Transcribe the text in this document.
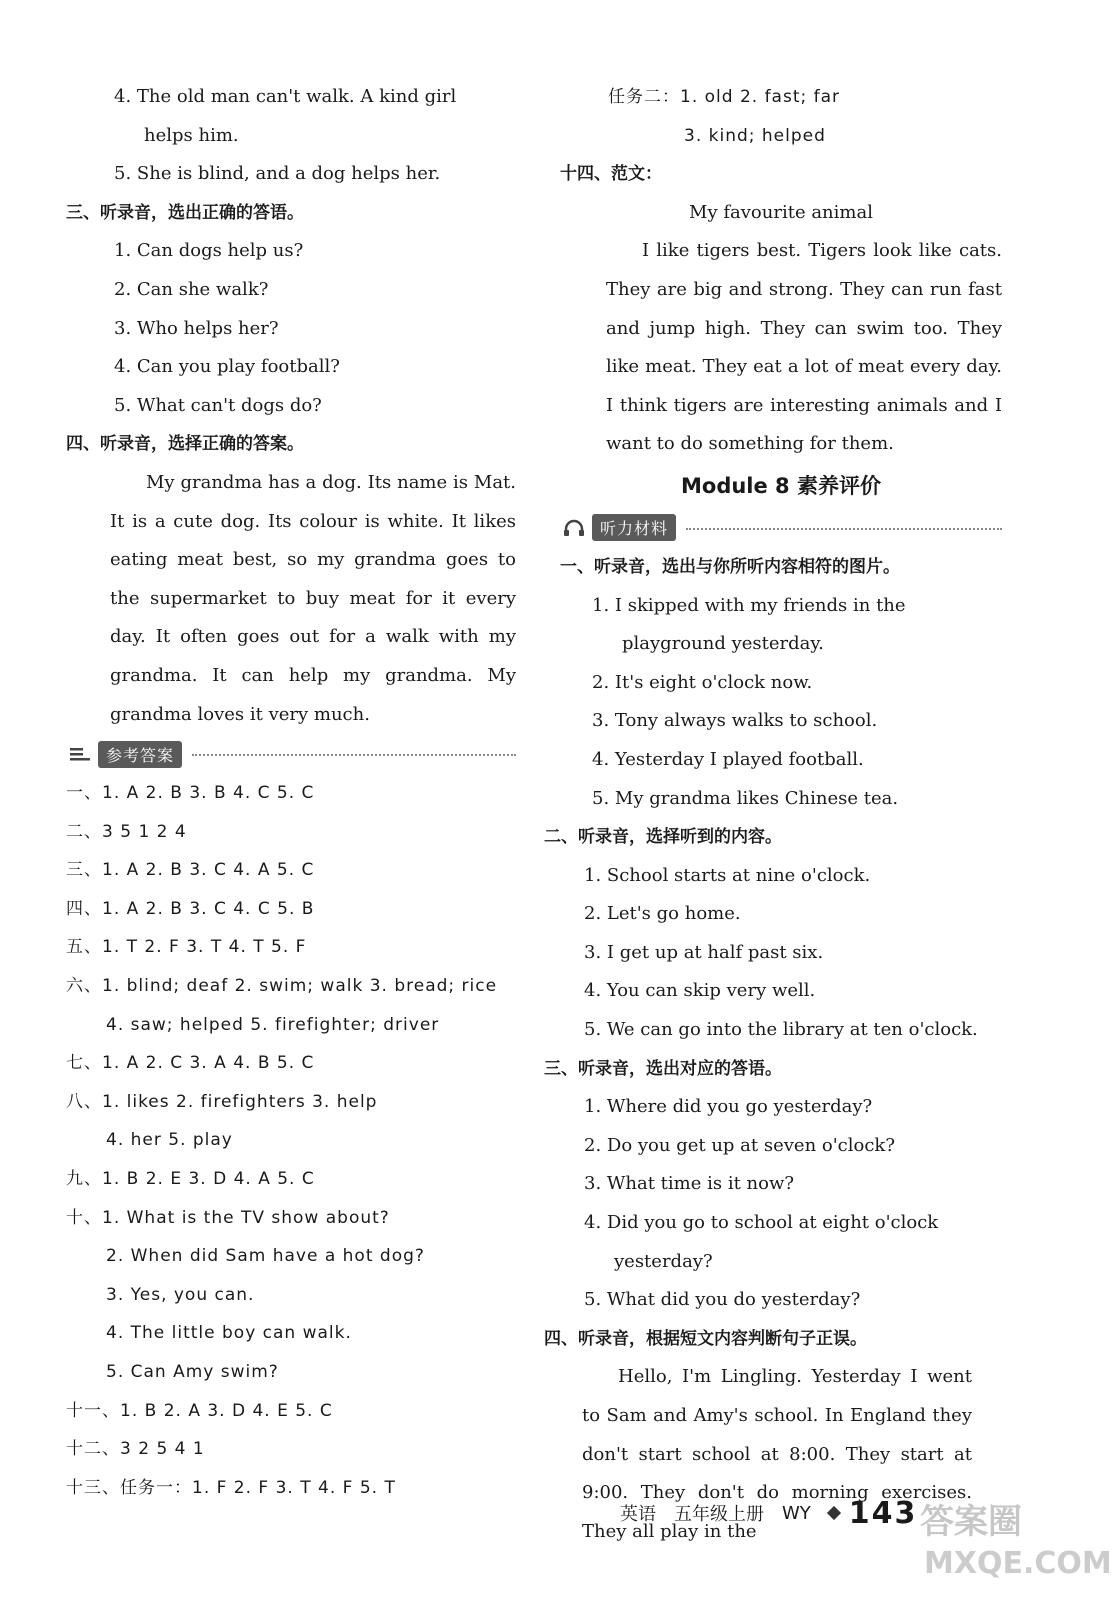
4. The old man can't walk. A kind girl
helps him.
5. She is blind, and a dog helps her.
三、听录音，选出正确的答语。
1. Can dogs help us?
2. Can she walk?
3. Who helps her?
4. Can you play football?
5. What can't dogs do?
四、听录音，选择正确的答案。

My grandma has a dog. Its name is Mat. It is a cute dog. Its colour is white. It likes eating meat best, so my grandma goes to the supermarket to buy meat for it every day. It often goes out for a walk with my grandma. It can help my grandma. My grandma loves it very much.

参考答案
一、1. A 2. B 3. B 4. C 5. C
二、3 5 1 2 4
三、1. A 2. B 3. C 4. A 5. C
四、1. A 2. B 3. C 4. C 5. B
五、1. T 2. F 3. T 4. T 5. F
六、1. blind; deaf 2. swim; walk 3. bread; rice
4. saw; helped 5. firefighter; driver
七、1. A 2. C 3. A 4. B 5. C
八、1. likes 2. firefighters 3. help
4. her 5. play
九、1. B 2. E 3. D 4. A 5. C
十、1. What is the TV show about?
2. When did Sam have a hot dog?
3. Yes, you can.
4. The little boy can walk.
5. Can Amy swim?
十一、1. B 2. A 3. D 4. E 5. C
十二、3 2 5 4 1
十三、任务一：1. F 2. F 3. T 4. F 5. T
任务二：1. old 2. fast; far
3. kind; helped
十四、范文：
My favourite animal

I like tigers best. Tigers look like cats. They are big and strong. They can run fast and jump high. They can swim too. They like meat. They eat a lot of meat every day. I think tigers are interesting animals and I want to do something for them.

Module 8 素养评价
听力材料
一、听录音，选出与你所听内容相符的图片。
1. I skipped with my friends in the
playground yesterday.
2. It's eight o'clock now.
3. Tony always walks to school.
4. Yesterday I played football.
5. My grandma likes Chinese tea.
二、听录音，选择听到的内容。
1. School starts at nine o'clock.
2. Let's go home.
3. I get up at half past six.
4. You can skip very well.
5. We can go into the library at ten o'clock.
三、听录音，选出对应的答语。
1. Where did you go yesterday?
2. Do you get up at seven o'clock?
3. What time is it now?
4. Did you go to school at eight o'clock
yesterday?
5. What did you do yesterday?
四、听录音，根据短文内容判断句子正误。

Hello, I'm Lingling. Yesterday I went to Sam and Amy's school. In England they don't start school at 8:00. They start at 9:00. They don't do morning exercises. They all play in the

英语 五年级上册 WY 143 答案圈
MXQE.COM
